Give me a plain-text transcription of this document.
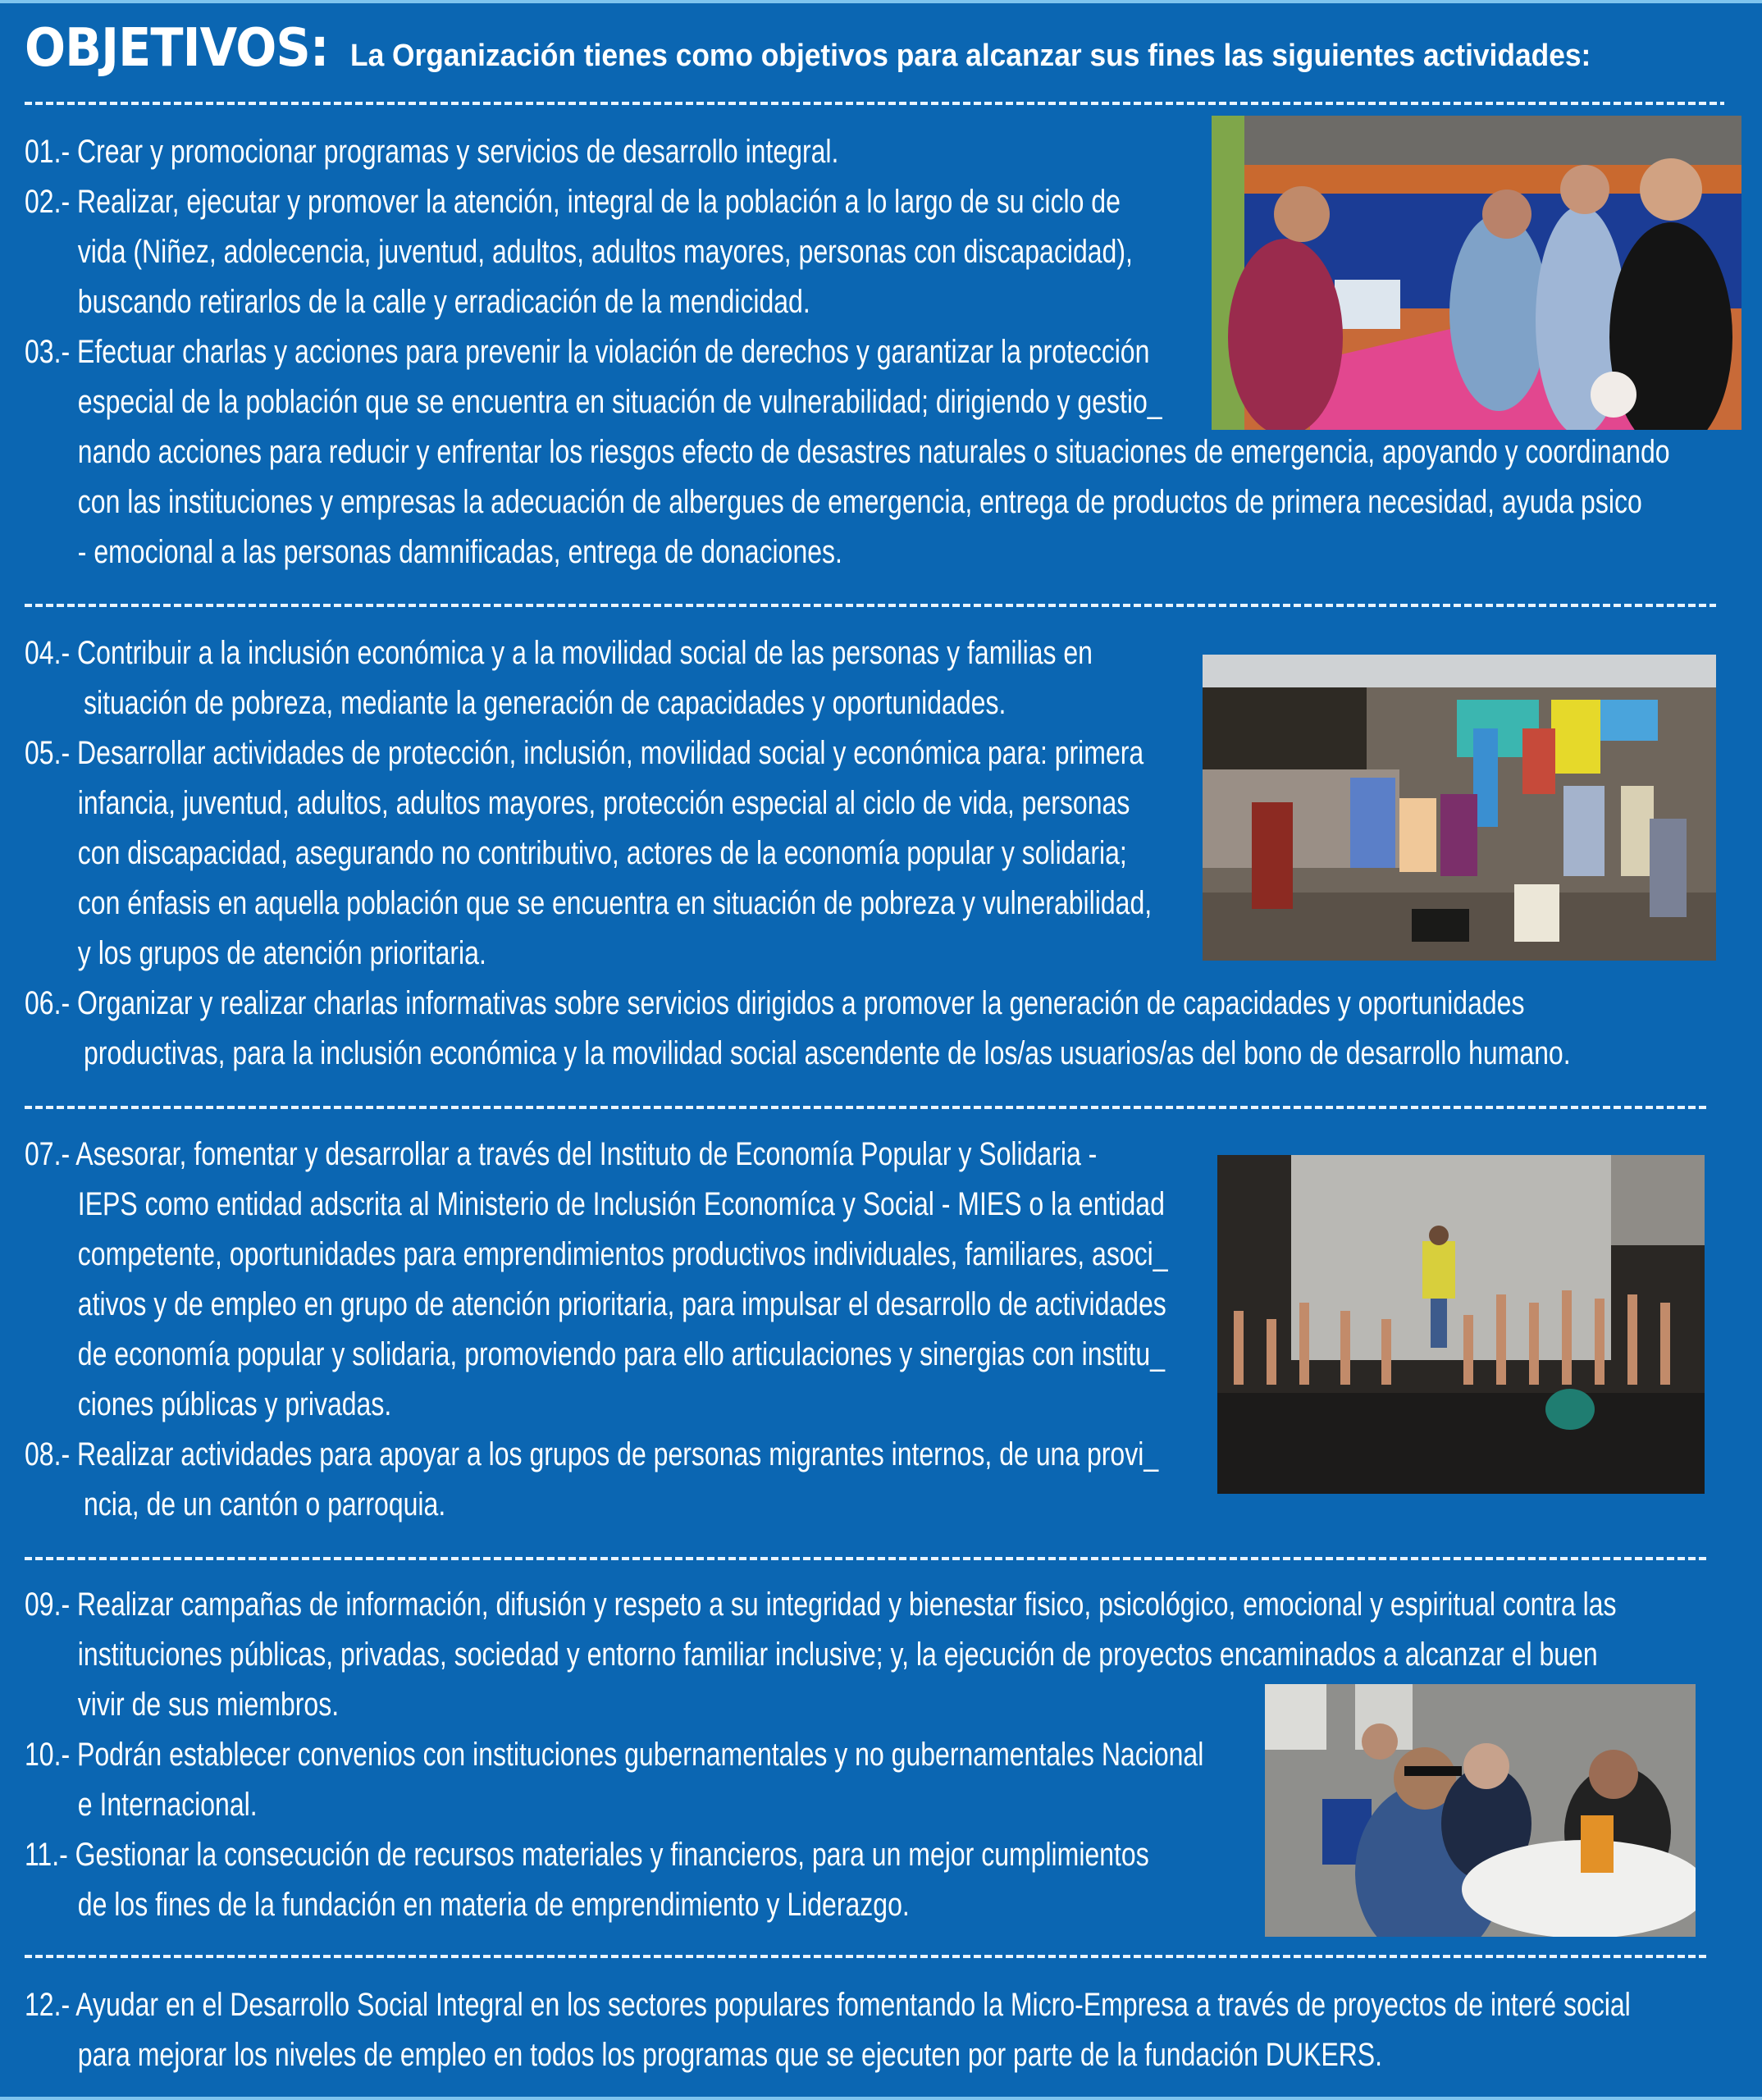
OBJETIVOS: La Organización tienes como objetivos para alcanzar sus fines las siguientes actividades:
01.- Crear y promocionar programas y servicios de desarrollo integral.
02.- Realizar, ejecutar y promover la atención, integral de la población a lo largo de su ciclo de
vida (Niñez, adolecencia, juventud, adultos, adultos mayores, personas con discapacidad),
buscando retirarlos de la calle y erradicación de la mendicidad.
03.- Efectuar charlas y acciones para prevenir la violación de derechos y garantizar la protección
especial de la población que se encuentra en situación de vulnerabilidad; dirigiendo y gestio_
nando acciones para reducir y enfrentar los riesgos efecto de desastres naturales o situaciones de emergencia, apoyando y coordinando
con las instituciones y empresas la adecuación de albergues de emergencia, entrega de productos de primera necesidad, ayuda psico
- emocional a las personas damnificadas, entrega de donaciones.
04.- Contribuir a la inclusión económica y a la movilidad social de las personas y familias en
situación de pobreza, mediante la generación de capacidades y oportunidades.
05.- Desarrollar actividades de protección, inclusión, movilidad social y económica para: primera
infancia, juventud, adultos, adultos mayores, protección especial al ciclo de vida, personas
con discapacidad, asegurando no contributivo, actores de la economía popular y solidaria;
con énfasis en aquella población que se encuentra en situación de pobreza y vulnerabilidad,
y los grupos de atención prioritaria.
06.- Organizar y realizar charlas informativas sobre servicios dirigidos a promover la generación de capacidades y oportunidades
productivas, para la inclusión económica y la movilidad social ascendente de los/as usuarios/as del bono de desarrollo humano.
07.- Asesorar, fomentar y desarrollar a través del Instituto de Economía Popular y Solidaria -
IEPS como entidad adscrita al Ministerio de Inclusión Economíca y Social - MIES o la entidad
competente, oportunidades para emprendimientos productivos individuales, familiares, asoci_
ativos y de empleo en grupo de atención prioritaria, para impulsar el desarrollo de actividades
de economía popular y solidaria, promoviendo para ello articulaciones y sinergias con institu_
ciones públicas y privadas.
08.- Realizar actividades para apoyar a los grupos de personas migrantes internos, de una provi_
ncia, de un cantón o parroquia.
09.- Realizar campañas de información, difusión y respeto a su integridad y bienestar fisico, psicológico, emocional y espiritual contra las
instituciones públicas, privadas, sociedad y entorno familiar inclusive; y, la ejecución de proyectos encaminados a alcanzar el buen
vivir de sus miembros.
10.- Podrán establecer convenios con instituciones gubernamentales y no gubernamentales Nacional
e Internacional.
11.- Gestionar la consecución de recursos materiales y financieros, para un mejor cumplimientos
de los fines de la fundación en materia de emprendimiento y Liderazgo.
12.- Ayudar en el Desarrollo Social Integral en los sectores populares fomentando la Micro-Empresa a través de proyectos de interé social
para mejorar los niveles de empleo en todos los programas que se ejecuten por parte de la fundación DUKERS.
